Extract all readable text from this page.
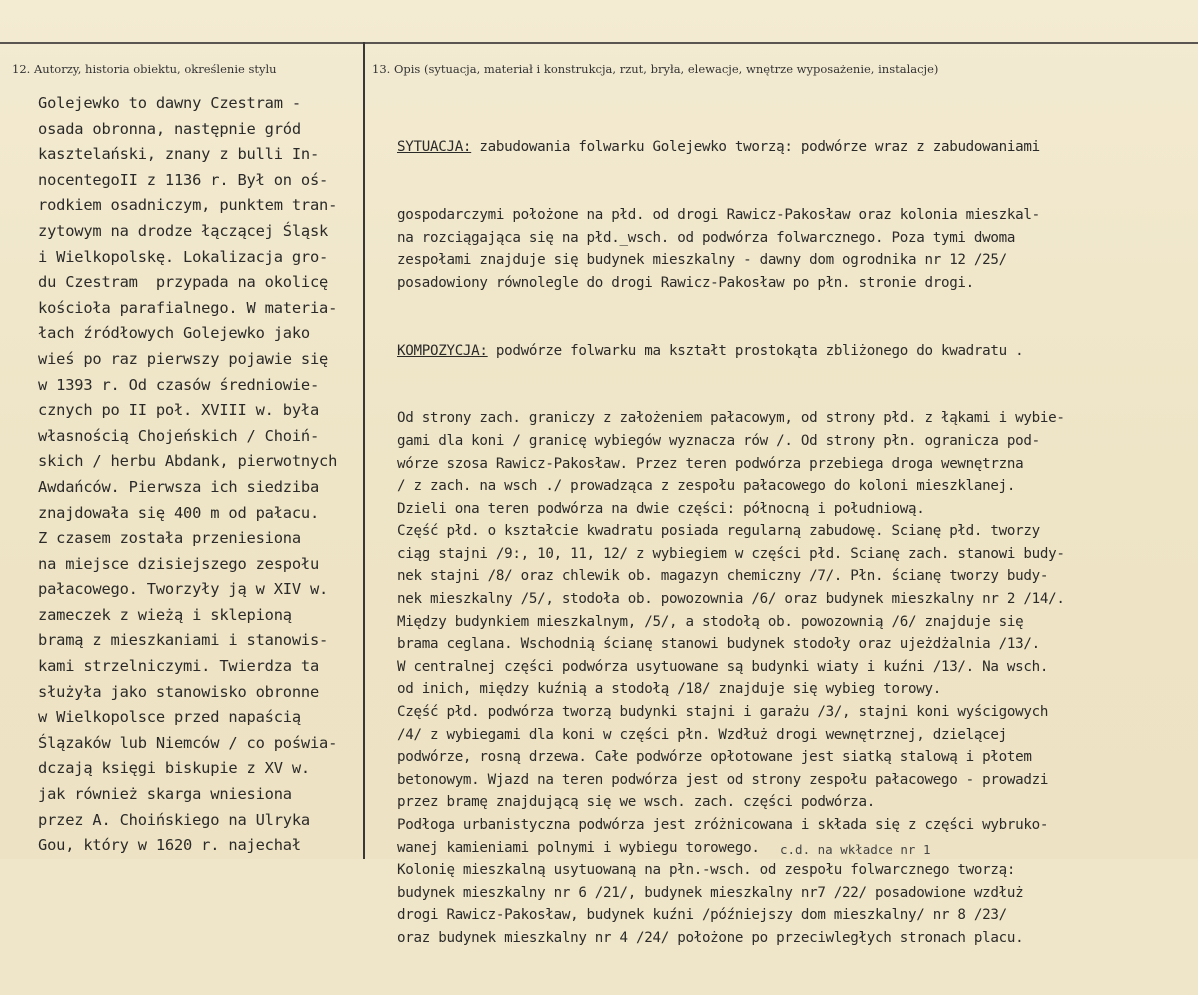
12. Autorzy, historia obiektu, określenie stylu	13. Opis (sytuacja, materiał i konstrukcja, rzut, bryła, elewacje, wnętrze wyposażenie, instalacje)
Golejewko to dawny Czestram -
osada obronna, następnie gród
kasztelański, znany z bulli In-
nocentegoII z 1136 r. Był on oś-
rodkiem osadniczym, punktem tran-
zytowym na drodze łączącej Śląsk
i Wielkopolskę. Lokalizacja gro-
du Czestram  przypada na okolicę
kościoła parafialnego. W materia-
łach źródłowych Golejewko jako
wieś po raz pierwszy pojawie się
w 1393 r. Od czasów średniowie-
cznych po II poł. XVIII w. była
własnością Chojeńskich / Choiń-
skich / herbu Abdank, pierwotnych
Awdańców. Pierwsza ich siedziba
znajdowała się 400 m od pałacu.
Z czasem została przeniesiona
na miejsce dzisiejszego zespołu
pałacowego. Tworzyły ją w XIV w.
zameczek z wieżą i sklepioną
bramą z mieszkaniami i stanowis-
kami strzelniczymi. Twierdza ta
służyła jako stanowisko obronne
w Wielkopolsce przed napaścią
Ślązaków lub Niemców / co poświa-
dczają księgi biskupie z XV w.
jak również skarga wniesiona
przez A. Choińskiego na Ulryka
Gou, który w 1620 r. najechał

SYTUACJA: zabudowania folwarku Golejewko tworzą: podwórze wraz z zabudowaniami

gospodarczymi położone na płd. od drogi Rawicz-Pakosław oraz kolonia mieszkal-
na rozciągająca się na płd._wsch. od podwórza folwarcznego. Poza tymi dwoma
zespołami znajduje się budynek mieszkalny - dawny dom ogrodnika nr 12 /25/
posadowiony równolegle do drogi Rawicz-Pakosław po płn. stronie drogi.

KOMPOZYCJA: podwórze folwarku ma kształt prostokąta zbliżonego do kwadratu .

Od strony zach. graniczy z założeniem pałacowym, od strony płd. z łąkami i wybie-
gami dla koni / granicę wybiegów wyznacza rów /. Od strony płn. ogranicza pod-
wórze szosa Rawicz-Pakosław. Przez teren podwórza przebiega droga wewnętrzna
/ z zach. na wsch ./ prowadząca z zespołu pałacowego do koloni mieszklanej.
Dzieli ona teren podwórza na dwie części: północną i południową.
Część płd. o kształcie kwadratu posiada regularną zabudowę. Scianę płd. tworzy
ciąg stajni /9:, 10, 11, 12/ z wybiegiem w części płd. Scianę zach. stanowi budy-
nek stajni /8/ oraz chlewik ob. magazyn chemiczny /7/. Płn. ścianę tworzy budy-
nek mieszkalny /5/, stodoła ob. powozownia /6/ oraz budynek mieszkalny nr 2 /14/.
Między budynkiem mieszkalnym, /5/, a stodołą ob. powozownią /6/ znajduje się
brama ceglana. Wschodnią ścianę stanowi budynek stodoły oraz ujeżdżalnia /13/.
W centralnej części podwórza usytuowane są budynki wiaty i kuźni /13/. Na wsch.
od inich, między kuźnią a stodołą /18/ znajduje się wybieg torowy.
Część płd. podwórza tworzą budynki stajni i garażu /3/, stajni koni wyścigowych
/4/ z wybiegami dla koni w części płn. Wzdłuż drogi wewnętrznej, dzielącej
podwórze, rosną drzewa. Całe podwórze opłotowane jest siatką stalową i płotem
betonowym. Wjazd na teren podwórza jest od strony zespołu pałacowego - prowadzi
przez bramę znajdującą się we wsch. zach. części podwórza.
Podłoga urbanistyczna podwórza jest zróżnicowana i składa się z części wybruko-
wanej kamieniami polnymi i wybiegu torowego.
Kolonię mieszkalną usytuowaną na płn.-wsch. od zespołu folwarcznego tworzą:
budynek mieszkalny nr 6 /21/, budynek mieszkalny nr7 /22/ posadowione wzdłuż
drogi Rawicz-Pakosław, budynek kuźni /późniejszy dom mieszkalny/ nr 8 /23/
oraz budynek mieszkalny nr 4 /24/ położone po przeciwległych stronach placu.

c.d. na wkładce nr 1
